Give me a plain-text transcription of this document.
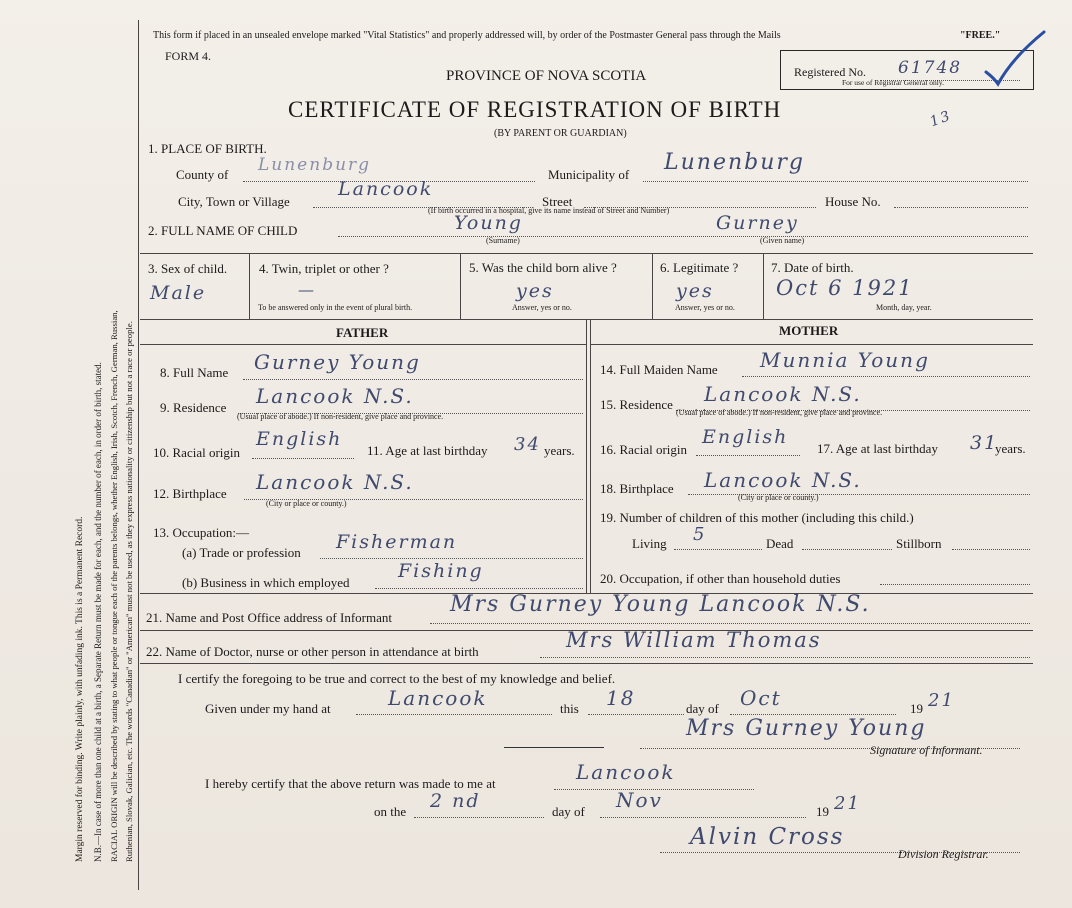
Margin reserved for binding. Write plainly, with unfading ink. This is a Permanent Record. N.B.—In case of more than one child at a birth, a Separate Return must be made for each, and the number of each, in order of birth, stated. RACIAL ORIGIN will be described by stating to what people or tongue each of the parents belongs, whether English, Irish, Scotch, French, German, Russian, Ruthenian, Slovak, Galician, etc. The words "Canadian" or "American" must not be used, as they express nationality or citizenship but not a race or people.
This form if placed in an unsealed envelope marked "Vital Statistics" and properly addressed will, by order of the Postmaster General pass through the Mails	"FREE."
FORM 4.
PROVINCE OF NOVA SCOTIA
CERTIFICATE OF REGISTRATION OF BIRTH
(BY PARENT OR GUARDIAN)
Registered No. 61748
For use of Registrar General only.
13
1. PLACE OF BIRTH.
County of Lunenburg	Municipality of Lunenburg
City, Town or Village
Lancook
Street	House No.
(If birth occurred in a hospital, give its name instead of Street and Number)
2. FULL NAME OF CHILD	Young
(Surname)
Gurney
(Given name)
3. Sex of child.
Male
4. Twin, triplet or other ?
—
To be answered only in the event of plural birth.
5. Was the child born alive ?
yes
Answer, yes or no.
6. Legitimate ?
yes
Answer, yes or no.
7. Date of birth.
Oct 6 1921
Month, day, year.
FATHER	MOTHER
8. Full Name Gurney Young
9. Residence Lancook N.S.
(Usual place of abode.) If non-resident, give place and province.
10. Racial origin
English
11. Age at last birthday 34 years.
12. Birthplace Lancook N.S.
(City or place or county.)
13. Occupation:—
(a) Trade or profession Fisherman
(b) Business in which employed
Fishing
14. Full Maiden Name Munnia Young
15. Residence Lancook N.S.
(Usual place of abode.) If non-resident, give place and province.
16. Racial origin
English
17. Age at last birthday 31
years.
18. Birthplace Lancook N.S.
(City or place or county.)
19. Number of children of this mother (including this child.)
Living 5	Dead	Stillborn
20. Occupation, if other than household duties
21. Name and Post Office address of Informant
Mrs Gurney Young Lancook N.S.
22. Name of Doctor, nurse or other person in attendance at birth	Mrs William Thomas
I certify the foregoing to be true and correct to the best of my knowledge and belief.
Given under my hand at	Lancook	this 18	day of Oct	19 21
Mrs Gurney Young
Signature of Informant.
I hereby certify that the above return was made to me at	Lancook
on the 2 nd	day of Nov	19 21
Alvin Cross
Division Registrar.
